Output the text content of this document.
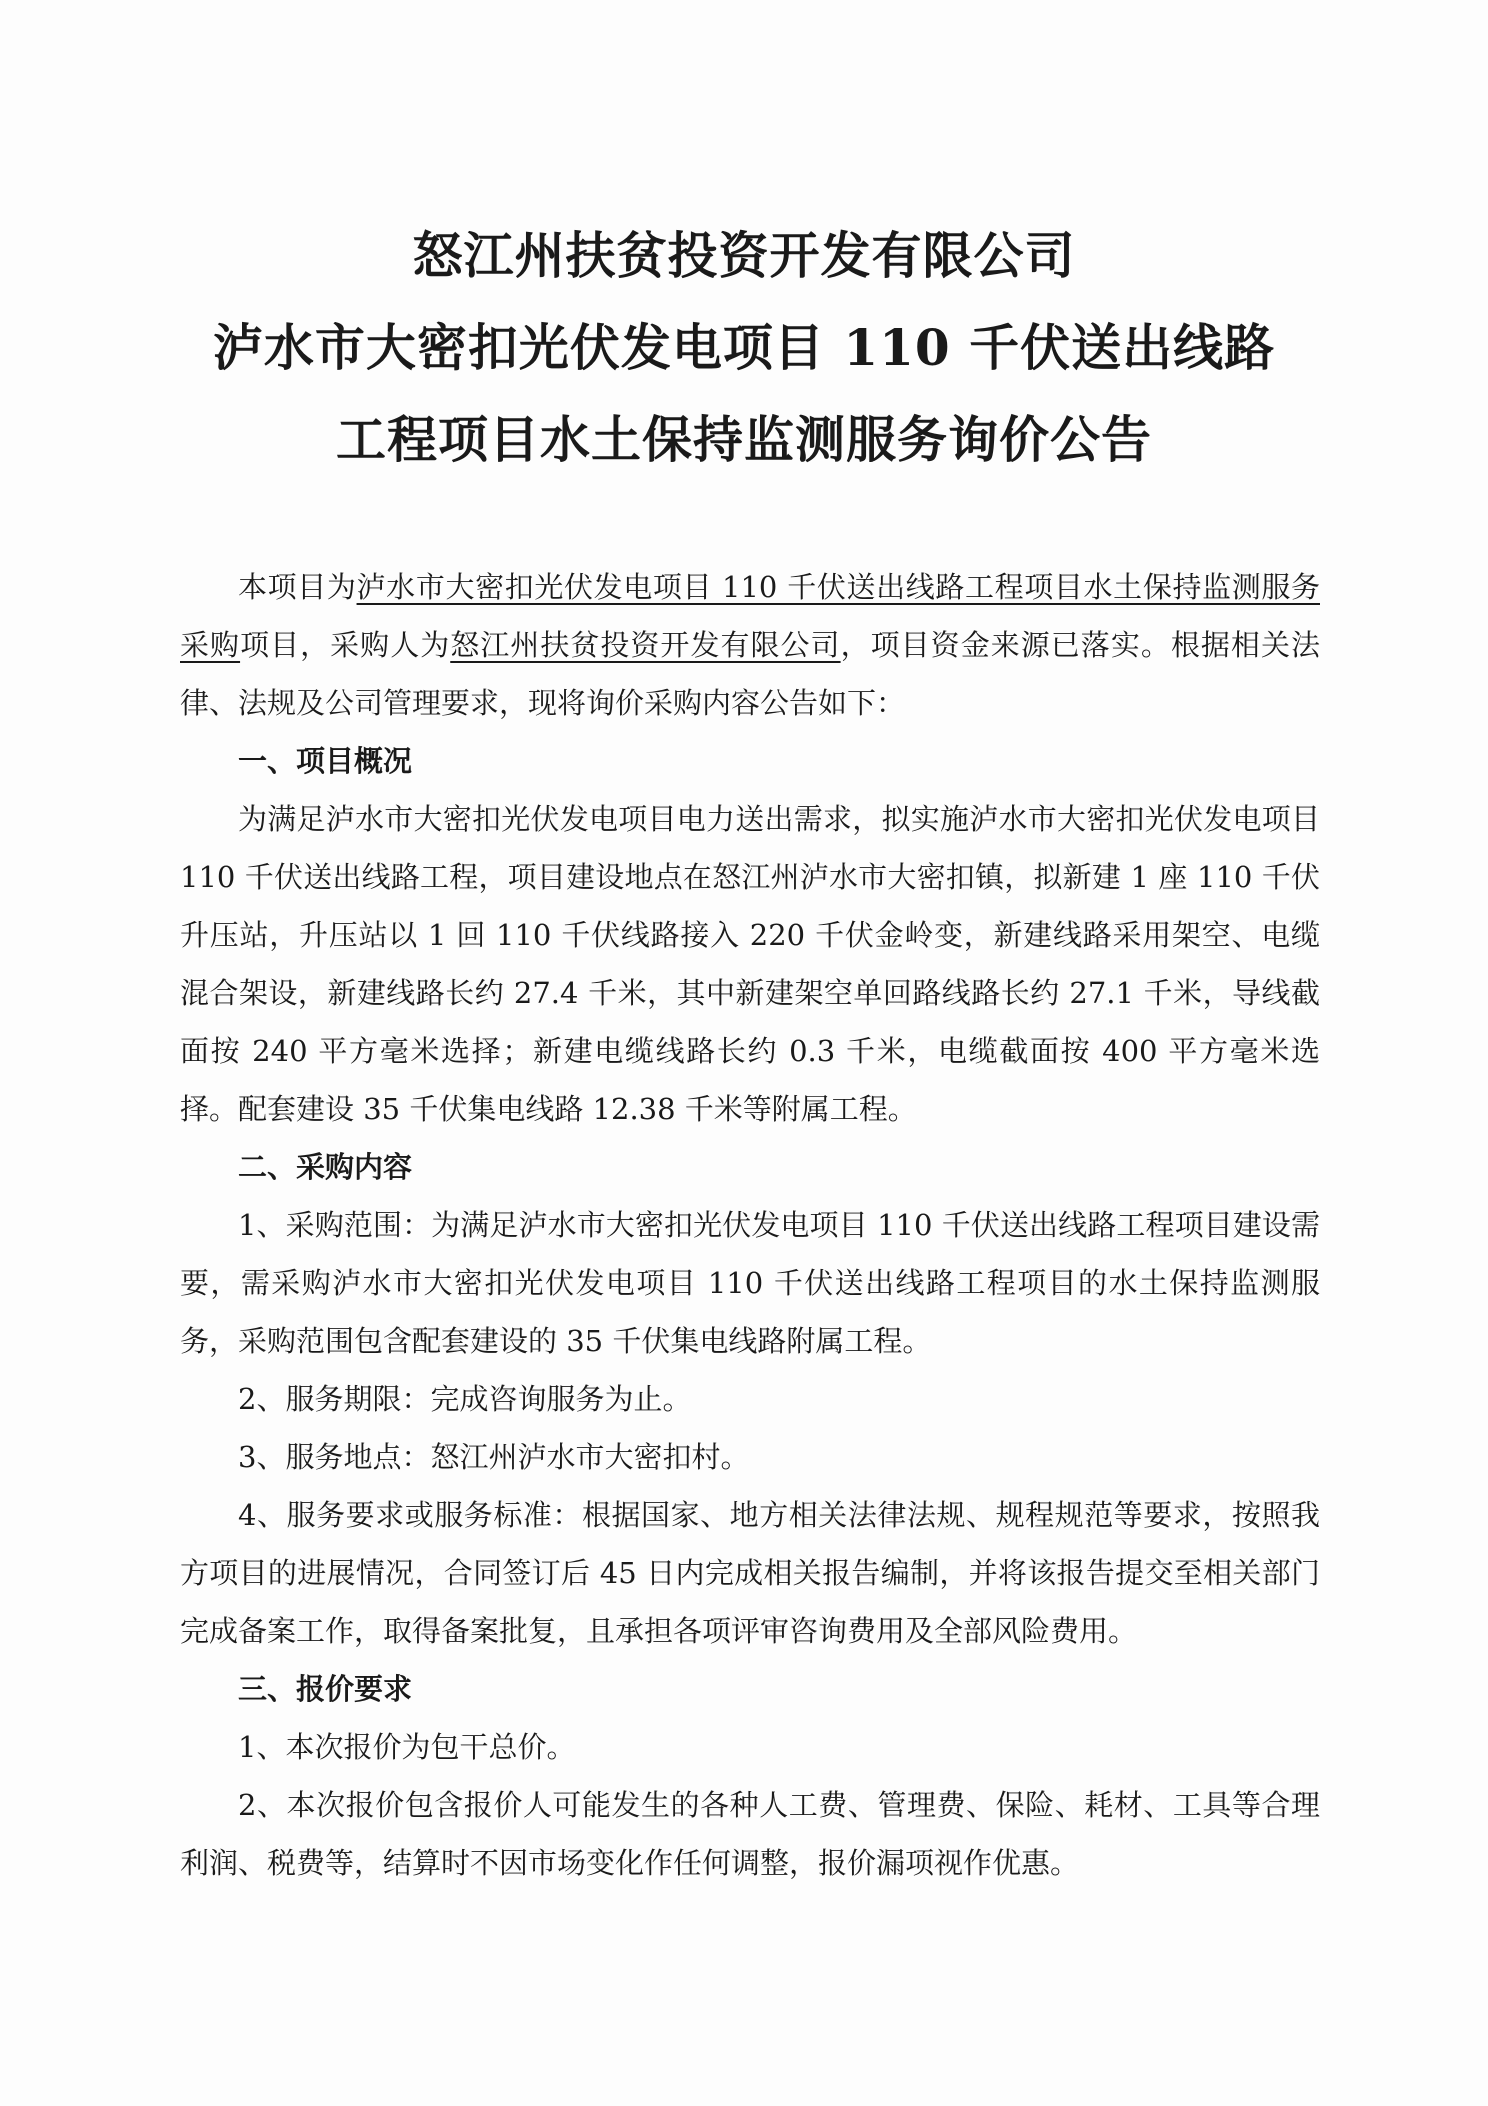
怒江州扶贫投资开发有限公司
泸水市大密扣光伏发电项目 110 千伏送出线路
工程项目水土保持监测服务询价公告

本项目为泸水市大密扣光伏发电项目 110 千伏送出线路工程项目水土保持监测服务采购项目，采购人为怒江州扶贫投资开发有限公司，项目资金来源已落实。根据相关法律、法规及公司管理要求，现将询价采购内容公告如下：

一、项目概况

为满足泸水市大密扣光伏发电项目电力送出需求，拟实施泸水市大密扣光伏发电项目 110 千伏送出线路工程，项目建设地点在怒江州泸水市大密扣镇，拟新建 1 座 110 千伏升压站，升压站以 1 回 110 千伏线路接入 220 千伏金岭变，新建线路采用架空、电缆混合架设，新建线路长约 27.4 千米，其中新建架空单回路线路长约 27.1 千米，导线截面按 240 平方毫米选择；新建电缆线路长约 0.3 千米，电缆截面按 400 平方毫米选择。配套建设 35 千伏集电线路 12.38 千米等附属工程。

二、采购内容

1、采购范围：为满足泸水市大密扣光伏发电项目 110 千伏送出线路工程项目建设需要，需采购泸水市大密扣光伏发电项目 110 千伏送出线路工程项目的水土保持监测服务，采购范围包含配套建设的 35 千伏集电线路附属工程。

2、服务期限：完成咨询服务为止。

3、服务地点：怒江州泸水市大密扣村。

4、服务要求或服务标准：根据国家、地方相关法律法规、规程规范等要求，按照我方项目的进展情况，合同签订后 45 日内完成相关报告编制，并将该报告提交至相关部门完成备案工作，取得备案批复，且承担各项评审咨询费用及全部风险费用。

三、报价要求

1、本次报价为包干总价。

2、本次报价包含报价人可能发生的各种人工费、管理费、保险、耗材、工具等合理利润、税费等，结算时不因市场变化作任何调整，报价漏项视作优惠。
